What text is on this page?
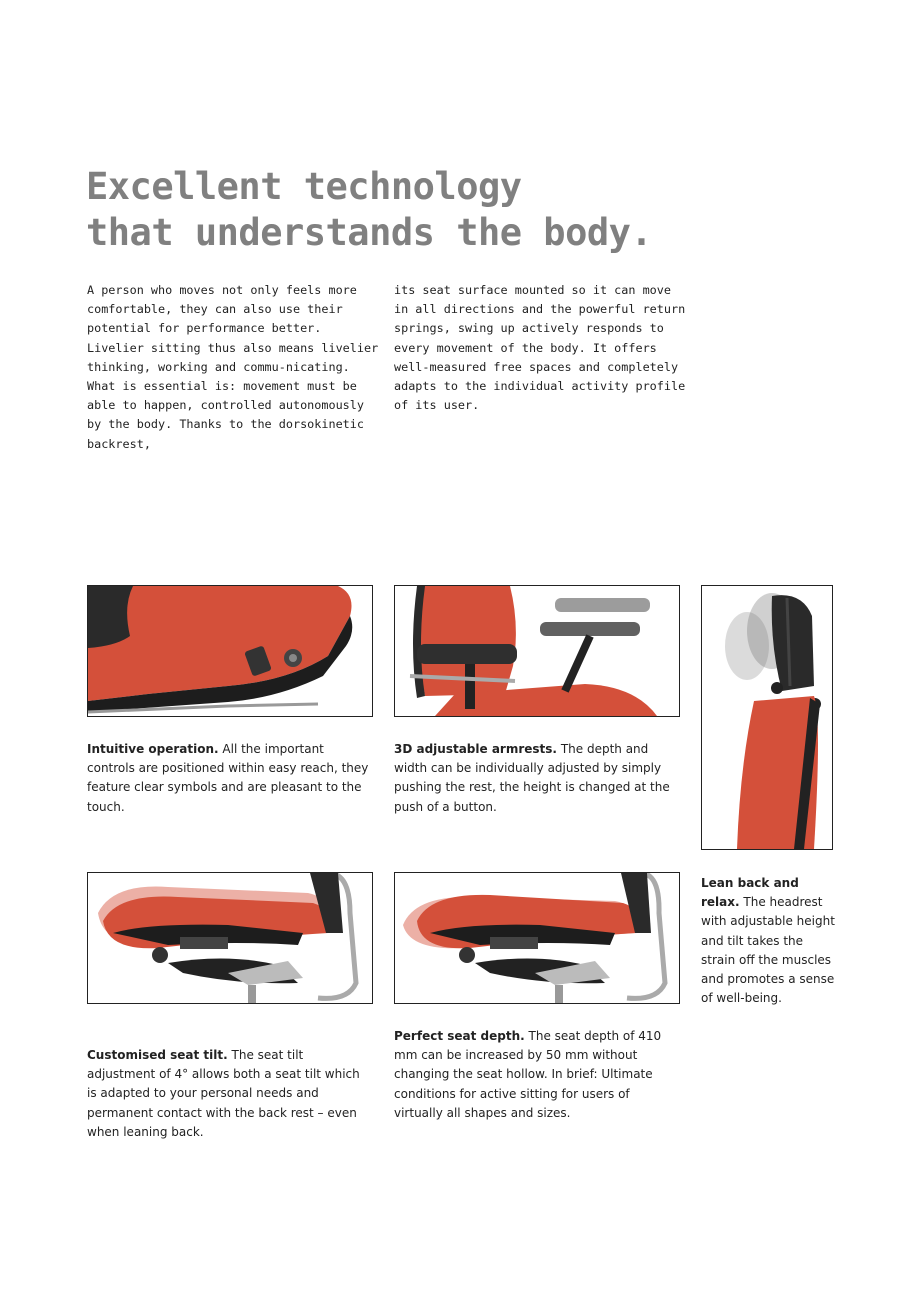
Excellent technology
that understands the body.

A person who moves not only feels more comfortable, they can also use their potential for performance better. Livelier sitting thus also means livelier thinking, working and commu-nicating. What is essential is: movement must be able to happen, controlled autonomously by the body. Thanks to the dorsokinetic backrest,

its seat surface mounted so it can move in all directions and the powerful return springs, swing up actively responds to every movement of the body. It offers well-measured free spaces and completely adapts to the individual activity profile of its user.

Intuitive operation. All the important controls are positioned within easy reach, they feature clear symbols and are pleasant to the touch.

3D adjustable armrests. The depth and width can be individually adjusted by simply pushing the rest, the height is changed at the push of a button.

Lean back and relax. The headrest with adjustable height and tilt takes the strain off the muscles and promotes a sense of well-being.

Customised seat tilt. The seat tilt adjustment of 4° allows both a seat tilt which is adapted to your personal needs and permanent contact with the back rest – even when leaning back.

Perfect seat depth. The seat depth of 410 mm can be increased by 50 mm without changing the seat hollow. In brief: Ultimate conditions for active sitting for users of virtually all shapes and sizes.
